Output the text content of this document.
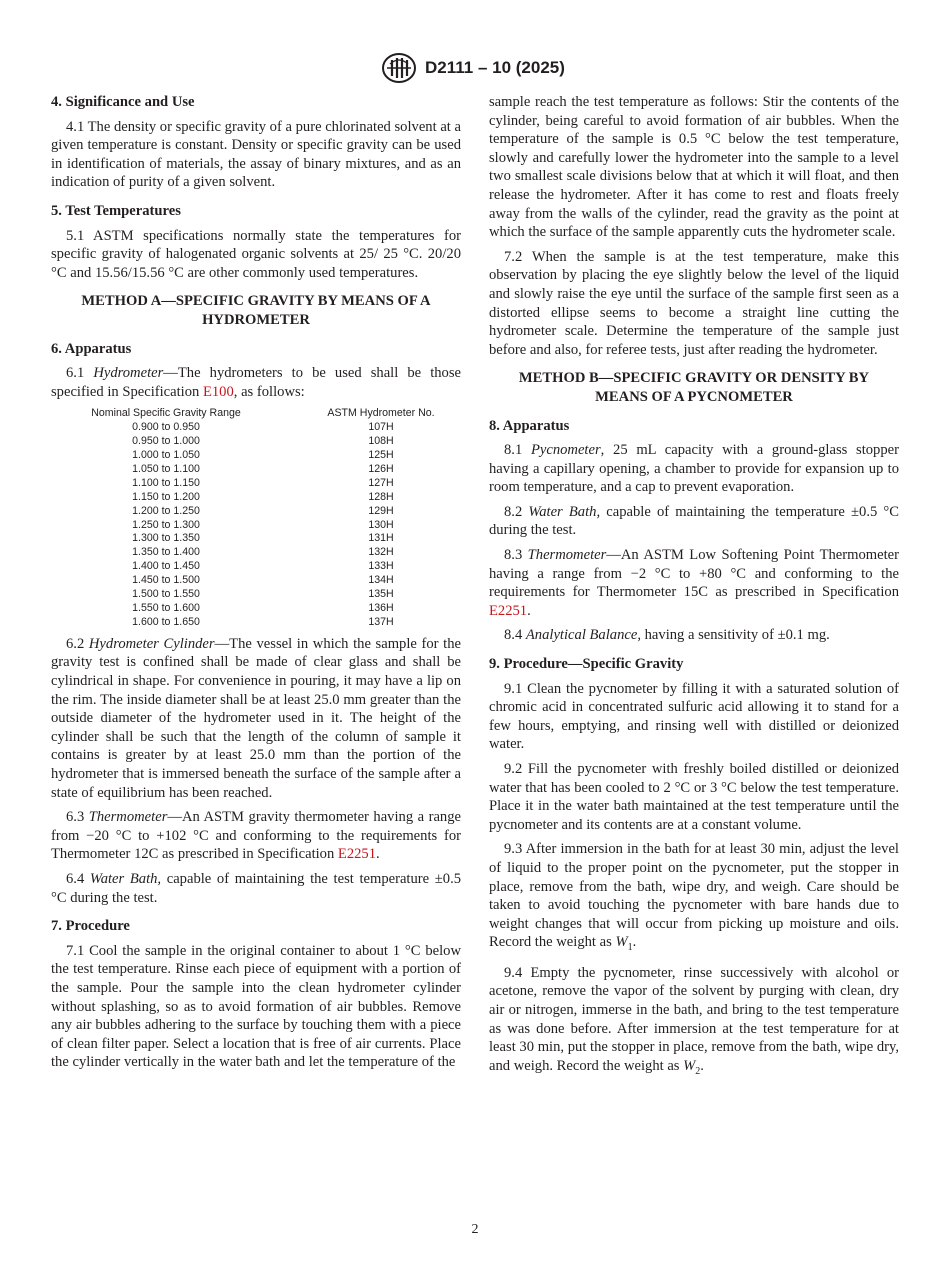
D2111 – 10 (2025)
4. Significance and Use

4.1 The density or specific gravity of a pure chlorinated solvent at a given temperature is constant. Density or specific gravity can be used in identification of materials, the assay of binary mixtures, and as an indication of purity of a given solvent.

5. Test Temperatures

5.1 ASTM specifications normally state the temperatures for specific gravity of halogenated organic solvents at 25/ 25 °C. 20/20 °C and 15.56/15.56 °C are other commonly used temperatures.

METHOD A—SPECIFIC GRAVITY BY MEANS OF A HYDROMETER
6. Apparatus

6.1 Hydrometer—The hydrometers to be used shall be those specified in Specification E100, as follows:

Nominal Specific Gravity Range		ASTM Hydrometer No.
0.900 to 0.950		107H
0.950 to 1.000		108H
1.000 to 1.050		125H
1.050 to 1.100		126H
1.100 to 1.150		127H
1.150 to 1.200		128H
1.200 to 1.250		129H
1.250 to 1.300		130H
1.300 to 1.350		131H
1.350 to 1.400		132H
1.400 to 1.450		133H
1.450 to 1.500		134H
1.500 to 1.550		135H
1.550 to 1.600		136H
1.600 to 1.650		137H

6.2 Hydrometer Cylinder—The vessel in which the sample for the gravity test is confined shall be made of clear glass and shall be cylindrical in shape. For convenience in pouring, it may have a lip on the rim. The inside diameter shall be at least 25.0 mm greater than the outside diameter of the hydrometer used in it. The height of the cylinder shall be such that the length of the column of sample it contains is greater by at least 25.0 mm than the portion of the hydrometer that is immersed beneath the surface of the sample after a state of equilibrium has been reached.

6.3 Thermometer—An ASTM gravity thermometer having a range from −20 °C to +102 °C and conforming to the requirements for Thermometer 12C as prescribed in Specification E2251.

6.4 Water Bath, capable of maintaining the test temperature ±0.5 °C during the test.

7. Procedure

7.1 Cool the sample in the original container to about 1 °C below the test temperature. Rinse each piece of equipment with a portion of the sample. Pour the sample into the clean hydrometer cylinder without splashing, so as to avoid formation of air bubbles. Remove any air bubbles adhering to the surface by touching them with a piece of clean filter paper. Select a location that is free of air currents. Place the cylinder vertically in the water bath and let the temperature of the

sample reach the test temperature as follows: Stir the contents of the cylinder, being careful to avoid formation of air bubbles. When the temperature of the sample is 0.5 °C below the test temperature, slowly and carefully lower the hydrometer into the sample to a level two smallest scale divisions below that at which it will float, and then release the hydrometer. After it has come to rest and floats freely away from the walls of the cylinder, read the gravity as the point at which the surface of the sample apparently cuts the hydrometer scale.

7.2 When the sample is at the test temperature, make this observation by placing the eye slightly below the level of the liquid and slowly raise the eye until the surface of the sample first seen as a distorted ellipse seems to become a straight line cutting the hydrometer scale. Determine the temperature of the sample just before and also, for referee tests, just after reading the hydrometer.

METHOD B—SPECIFIC GRAVITY OR DENSITY BY MEANS OF A PYCNOMETER
8. Apparatus

8.1 Pycnometer, 25 mL capacity with a ground-glass stopper having a capillary opening, a chamber to provide for expansion up to room temperature, and a cap to prevent evaporation.

8.2 Water Bath, capable of maintaining the temperature ±0.5 °C during the test.

8.3 Thermometer—An ASTM Low Softening Point Thermometer having a range from −2 °C to +80 °C and conforming to the requirements for Thermometer 15C as prescribed in Specification E2251.

8.4 Analytical Balance, having a sensitivity of ±0.1 mg.

9. Procedure—Specific Gravity

9.1 Clean the pycnometer by filling it with a saturated solution of chromic acid in concentrated sulfuric acid allowing it to stand for a few hours, emptying, and rinsing well with distilled or deionized water.

9.2 Fill the pycnometer with freshly boiled distilled or deionized water that has been cooled to 2 °C or 3 °C below the test temperature. Place it in the water bath maintained at the test temperature until the pycnometer and its contents are at a constant volume.

9.3 After immersion in the bath for at least 30 min, adjust the level of liquid to the proper point on the pycnometer, put the stopper in place, remove from the bath, wipe dry, and weigh. Care should be taken to avoid touching the pycnometer with bare hands due to weight changes that will occur from picking up moisture and oils. Record the weight as $W_1$.

9.4 Empty the pycnometer, rinse successively with alcohol or acetone, remove the vapor of the solvent by purging with clean, dry air or nitrogen, immerse in the bath, and bring to the test temperature as was done before. After immersion at the test temperature for at least 30 min, put the stopper in place, remove from the bath, wipe dry, and weigh. Record the weight as $W_2$.

2
